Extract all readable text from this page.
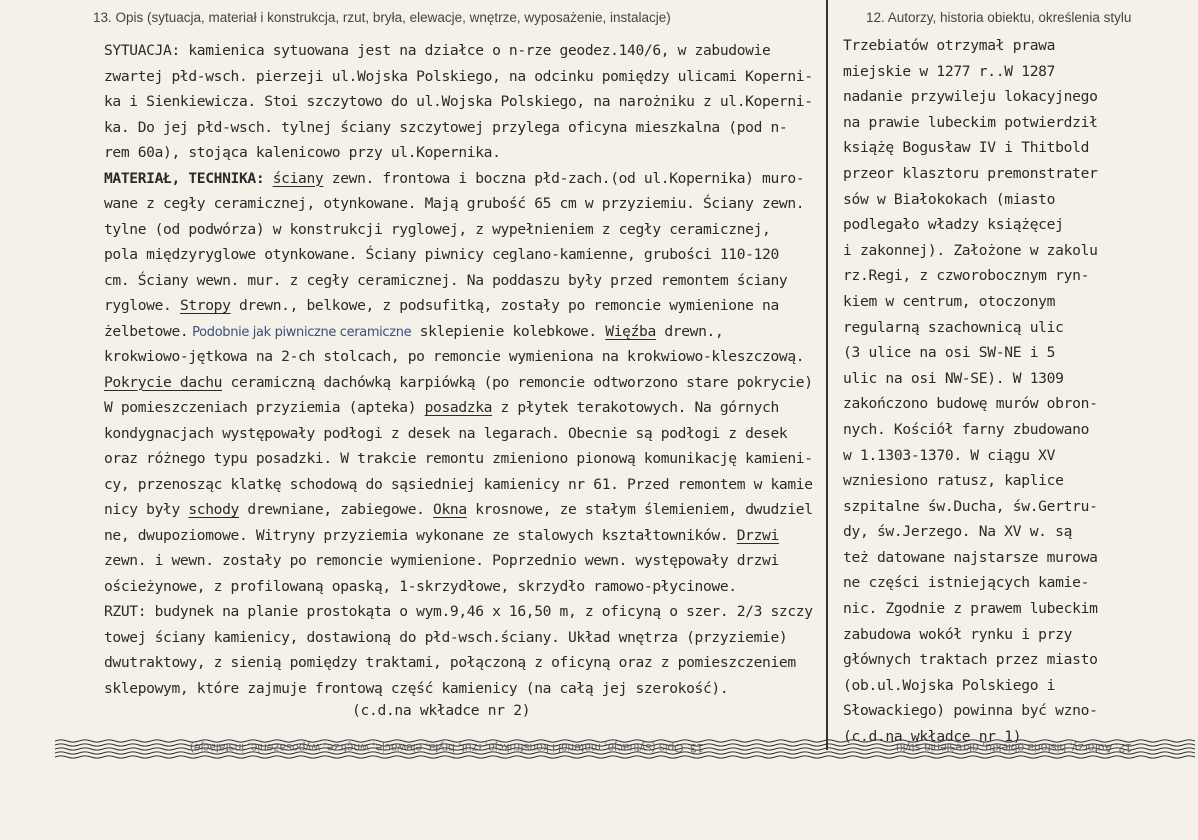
13. Opis (sytuacja, materiał i konstrukcja, rzut, bryła, elewacje, wnętrze, wyposażenie, instalacje)	12. Autorzy, historia obiektu, określenia stylu
SYTUACJA: kamienica sytuowana jest na działce o n-rze geodez.140/6, w zabudowie
zwartej płd-wsch. pierzeji ul.Wojska Polskiego, na odcinku pomiędzy ulicami Koperni-
ka i Sienkiewicza. Stoi szczytowo do ul.Wojska Polskiego, na narożniku z ul.Koperni-
ka. Do jej płd-wsch. tylnej ściany szczytowej przylega oficyna mieszkalna (pod n-
rem 60a), stojąca kalenicowo przy ul.Kopernika.
MATERIAŁ, TECHNIKA: ściany zewn. frontowa i boczna płd-zach.(od ul.Kopernika) muro-
wane z cegły ceramicznej, otynkowane. Mają grubość 65 cm w przyziemiu. Ściany zewn.
tylne (od podwórza) w konstrukcji ryglowej, z wypełnieniem z cegły ceramicznej,
pola międzyryglowe otynkowane. Ściany piwnicy ceglano-kamienne, grubości 110-120
cm. Ściany wewn. mur. z cegły ceramicznej. Na poddaszu były przed remontem ściany
ryglowe. Stropy drewn., belkowe, z podsufitką, zostały po remoncie wymienione na
żelbetowe. Podobnie jak piwniczne ceramiczne sklepienie kolebkowe. Więźba drewn.,
krokwiowo-jętkowa na 2-ch stolcach, po remoncie wymieniona na krokwiowo-kleszczową.
Pokrycie dachu ceramiczną dachówką karpiówką (po remoncie odtworzono stare pokrycie)
W pomieszczeniach przyziemia (apteka) posadzka z płytek terakotowych. Na górnych
kondygnacjach występowały podłogi z desek na legarach. Obecnie są podłogi z desek
oraz różnego typu posadzki. W trakcie remontu zmieniono pionową komunikację kamieni-
cy, przenosząc klatkę schodową do sąsiedniej kamienicy nr 61. Przed remontem w kamie
nicy były schody drewniane, zabiegowe. Okna krosnowe, ze stałym ślemieniem, dwudziel
ne, dwupoziomowe. Witryny przyziemia wykonane ze stalowych kształtowników. Drzwi
zewn. i wewn. zostały po remoncie wymienione. Poprzednio wewn. występowały drzwi
ościeżynowe, z profilowaną opaską, 1-skrzydłowe, skrzydło ramowo-płycinowe.
RZUT: budynek na planie prostokąta o wym.9,46 x 16,50 m, z oficyną o szer. 2/3 szczy
towej ściany kamienicy, dostawioną do płd-wsch.ściany. Układ wnętrza (przyziemie)
dwutraktowy, z sienią pomiędzy traktami, połączoną z oficyną oraz z pomieszczeniem
sklepowym, które zajmuje frontową część kamienicy (na całą jej szerokość).
(c.d.na wkładce nr 2)
Trzebiatów otrzymał prawa
miejskie w 1277 r..W 1287
nadanie przywileju lokacyjnego
na prawie lubeckim potwierdził
książę Bogusław IV i Thitbold
przeor klasztoru premonstrater
sów w Białokokach (miasto
podlegało władzy książęcej
i zakonnej). Założone w zakolu
rz.Regi, z czworobocznym ryn-
kiem w centrum, otoczonym
regularną szachownicą ulic
(3 ulice na osi SW-NE i 5
ulic na osi NW-SE). W 1309
zakończono budowę murów obron-
nych. Kościół farny zbudowano
w 1.1303-1370. W ciągu XV
wzniesiono ratusz, kaplice
szpitalne św.Ducha, św.Gertru-
dy, św.Jerzego. Na XV w. są
też datowane najstarsze murowa
ne części istniejących kamie-
nic. Zgodnie z prawem lubeckim
zabudowa wokół rynku i przy
głównych traktach przez miasto
(ob.ul.Wojska Polskiego i
Słowackiego) powinna być wzno-
(c.d.na wkładce nr 1)
13. Opis (sytuacja, materiał i konstrukcja, rzut, bryła, elewacje, wnętrze, wyposażenie, instalacje)	12. Autorzy, historia obiektu, określenia stylu
